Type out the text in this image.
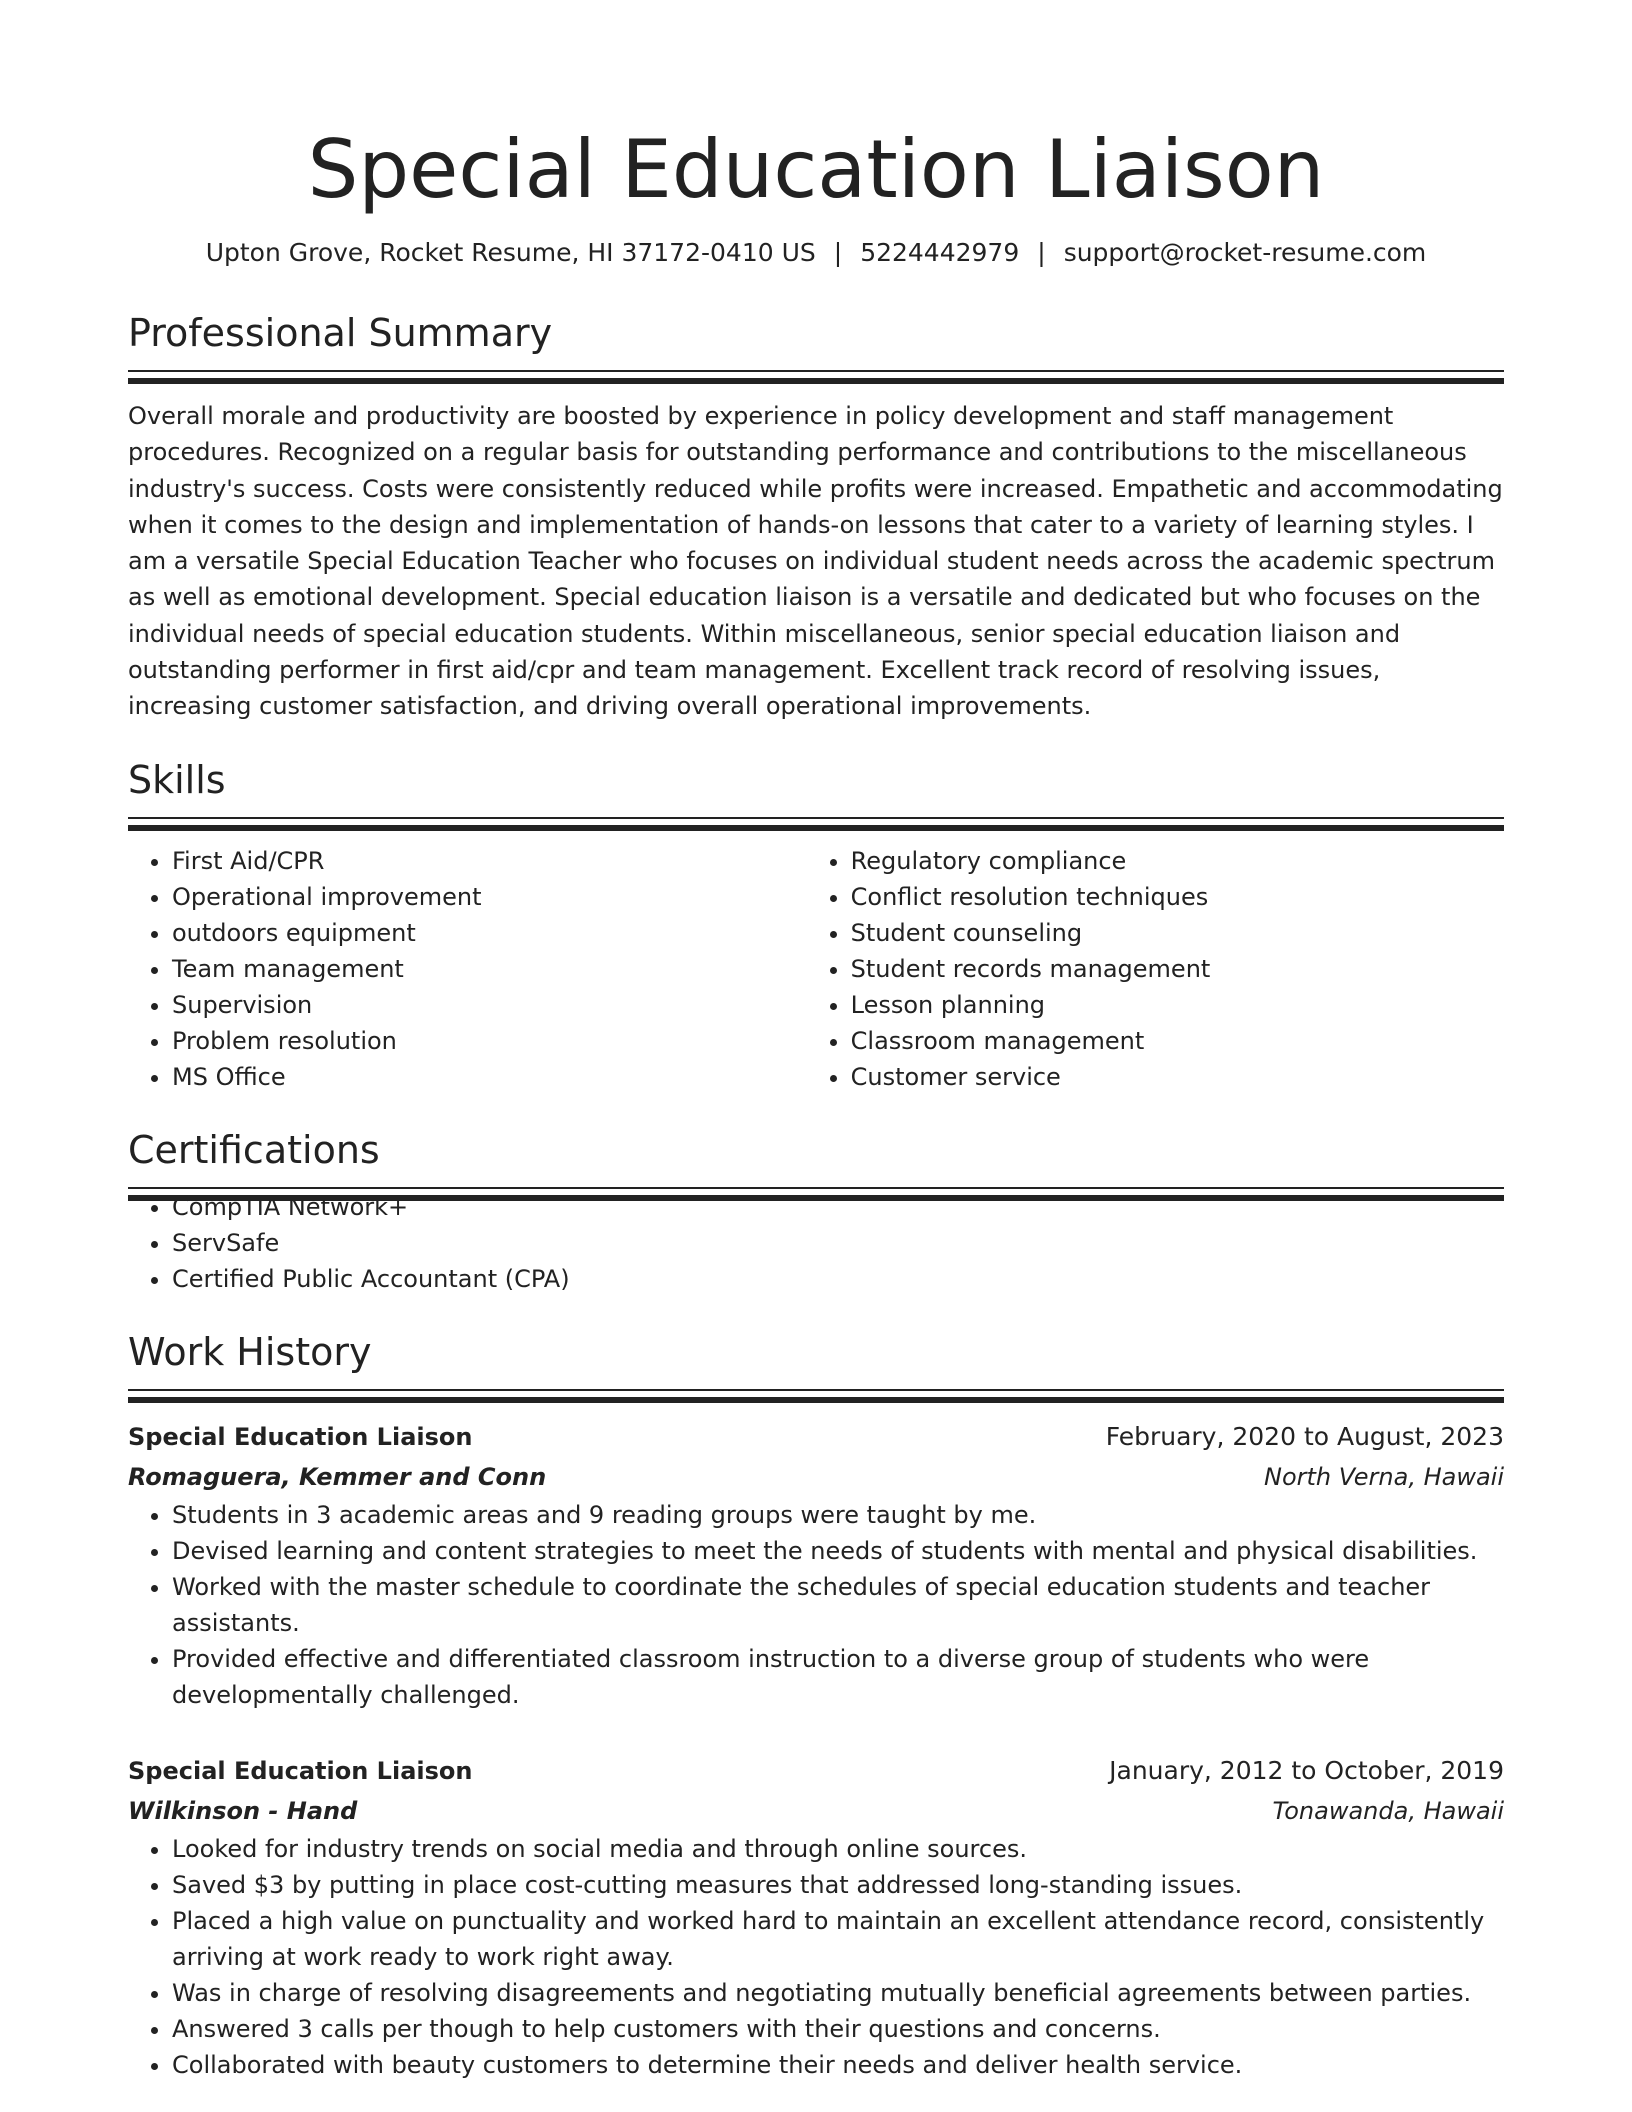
Special Education Liaison
Upton Grove, Rocket Resume, HI 37172-0410 US | 5224442979 | support@rocket-resume.com
Professional Summary

Overall morale and productivity are boosted by experience in policy development and staff management procedures. Recognized on a regular basis for outstanding performance and contributions to the miscellaneous industry's success. Costs were consistently reduced while profits were increased. Empathetic and accommodating when it comes to the design and implementation of hands-on lessons that cater to a variety of learning styles. I am a versatile Special Education Teacher who focuses on individual student needs across the academic spectrum as well as emotional development. Special education liaison is a versatile and dedicated but who focuses on the individual needs of special education students. Within miscellaneous, senior special education liaison and outstanding performer in first aid/cpr and team management. Excellent track record of resolving issues, increasing customer satisfaction, and driving overall operational improvements.

Skills
• First Aid/CPR
• Operational improvement
• outdoors equipment
• Team management
• Supervision
• Problem resolution
• MS Office
• Regulatory compliance
• Conflict resolution techniques
• Student counseling
• Student records management
• Lesson planning
• Classroom management
• Customer service
Certifications
• CompTIA Network+
• ServSafe
• Certified Public Accountant (CPA)
Work History
Special Education Liaison	February, 2020 to August, 2023
Romaguera, Kemmer and Conn	North Verna, Hawaii
• Students in 3 academic areas and 9 reading groups were taught by me.
• Devised learning and content strategies to meet the needs of students with mental and physical disabilities.
• Worked with the master schedule to coordinate the schedules of special education students and teacher assistants.
• Provided effective and differentiated classroom instruction to a diverse group of students who were developmentally challenged.
Special Education Liaison	January, 2012 to October, 2019
Wilkinson - Hand	Tonawanda, Hawaii
• Looked for industry trends on social media and through online sources.
• Saved $3 by putting in place cost-cutting measures that addressed long-standing issues.
• Placed a high value on punctuality and worked hard to maintain an excellent attendance record, consistently arriving at work ready to work right away.
• Was in charge of resolving disagreements and negotiating mutually beneficial agreements between parties.
• Answered 3 calls per though to help customers with their questions and concerns.
• Collaborated with beauty customers to determine their needs and deliver health service.
